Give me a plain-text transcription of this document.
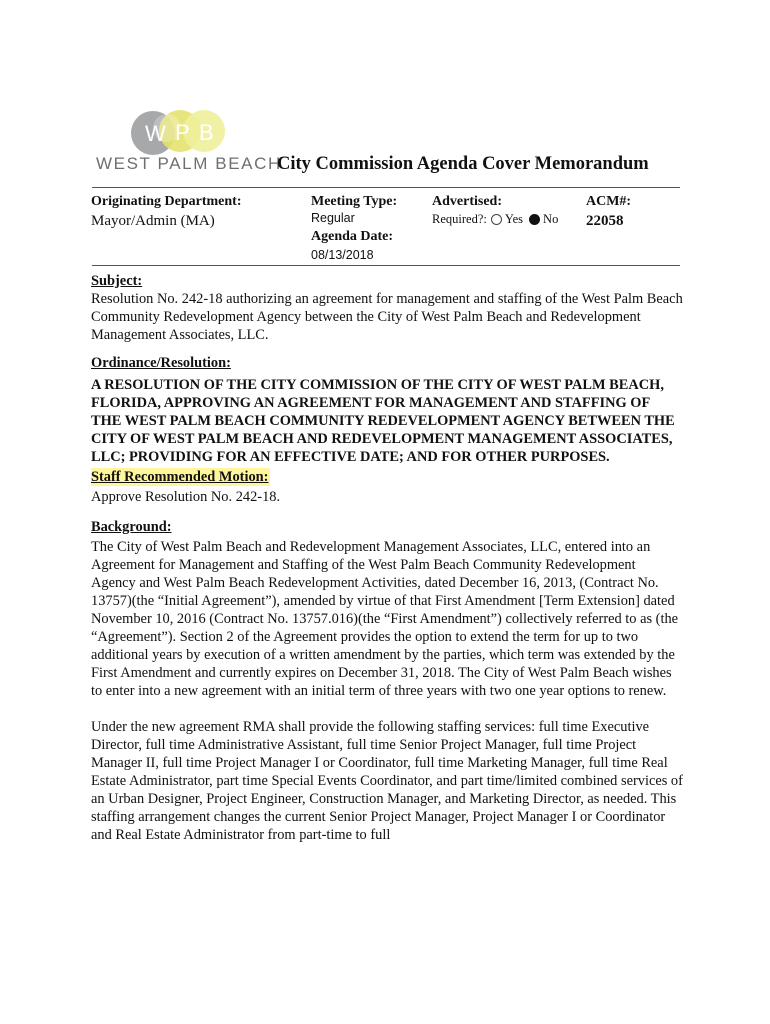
W P B
WEST PALM BEACH
City Commission Agenda Cover Memorandum
Originating Department:
Mayor/Admin (MA)
Meeting Type:
Regular
Agenda Date:
08/13/2018
Advertised:
Required?: Yes No
ACM#:
22058
Subject:

Resolution No. 242-18 authorizing an agreement for management and staffing of the West Palm Beach Community Redevelopment Agency between the City of West Palm Beach and Redevelopment Management Associates, LLC.

Ordinance/Resolution:

A RESOLUTION OF THE CITY COMMISSION OF THE CITY OF WEST PALM BEACH, FLORIDA, APPROVING AN AGREEMENT FOR MANAGEMENT AND STAFFING OF THE WEST PALM BEACH COMMUNITY REDEVELOPMENT AGENCY BETWEEN THE CITY OF WEST PALM BEACH AND REDEVELOPMENT MANAGEMENT ASSOCIATES, LLC; PROVIDING FOR AN EFFECTIVE DATE; AND FOR OTHER PURPOSES.

Staff Recommended Motion:

Approve Resolution No. 242-18.

Background:

The City of West Palm Beach and Redevelopment Management Associates, LLC, entered into an Agreement for Management and Staffing of the West Palm Beach Community Redevelopment Agency and West Palm Beach Redevelopment Activities, dated December 16, 2013, (Contract No. 13757)(the “Initial Agreement”), amended by virtue of that First Amendment [Term Extension] dated November 10, 2016 (Contract No. 13757.016)(the “First Amendment”) collectively referred to as (the “Agreement”). Section 2 of the Agreement provides the option to extend the term for up to two additional years by execution of a written amendment by the parties, which term was extended by the First Amendment and currently expires on December 31, 2018. The City of West Palm Beach wishes to enter into a new agreement with an initial term of three years with two one year options to renew.

Under the new agreement RMA shall provide the following staffing services: full time Executive Director, full time Administrative Assistant, full time Senior Project Manager, full time Project Manager II, full time Project Manager I or Coordinator, full time Marketing Manager, full time Real Estate Administrator, part time Special Events Coordinator, and part time/limited combined services of an Urban Designer, Project Engineer, Construction Manager, and Marketing Director, as needed. This staffing arrangement changes the current Senior Project Manager, Project Manager I or Coordinator and Real Estate Administrator from part-time to full
